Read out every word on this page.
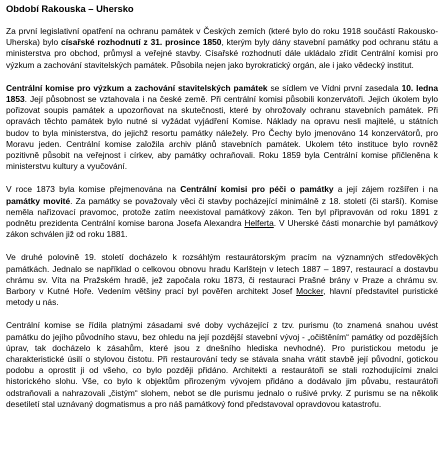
Období Rakouska – Uhersko

Za první legislativní opatření na ochranu památek v Českých zemích (které bylo do roku 1918 součástí Rakousko-Uherska) bylo císařské rozhodnutí z 31. prosince 1850, kterým byly dány stavební památky pod ochranu státu a ministerstva pro obchod, průmysl a veřejné stavby. Císařské rozhodnutí dále ukládalo zřídit Centrální komisi pro výzkum a zachování stavitelských památek. Působila nejen jako byrokratický orgán, ale i jako vědecký institut.

Centrální komise pro výzkum a zachování stavitelských památek se sídlem ve Vídni první zasedala 10. ledna 1853. Její působnost se vztahovala i na české země. Při centrální komisi působili konzervátoři. Jejich úkolem bylo pořizovat soupis památek a upozorňovat na skutečnosti, které by ohrožovaly ochranu stavebních památek. Při opravách těchto památek bylo nutné si vyžádat vyjádření Komise. Náklady na opravu nesli majitelé, u státních budov to byla ministerstva, do jejichž resortu památky náležely. Pro Čechy bylo jmenováno 14 konzervátorů, pro Moravu jeden. Centrální komise založila archiv plánů stavebních památek. Ukolem této instituce bylo rovněž pozitivně působit na veřejnost i církev, aby památky ochraňovali. Roku 1859 byla Centrální komise přičleněna k ministerstvu kultury a vyučování.

V roce 1873 byla komise přejmenována na Centrální komisi pro péči o památky a její zájem rozšířen i na památky movité. Za památky se považovaly věci či stavby pocházející minimálně z 18. století (či starší). Komise neměla nařizovací pravomoc, protože zatím neexistoval památkový zákon. Ten byl připravován od roku 1891 z podnětu prezidenta Centrální komise barona Josefa Alexandra Helferta. V Uherské části monarchie byl památkový zákon schválen již od roku 1881.

Ve druhé polovině 19. století docházelo k rozsáhlým restaurátorským pracím na významných středověkých památkách. Jednalo se například o celkovou obnovu hradu Karlštejn v letech 1887 – 1897, restaurací a dostavbu chrámu sv. Víta na Pražském hradě, jež započala roku 1873, či restauraci Prašné brány v Praze a chrámu sv. Barbory v Kutné Hoře. Vedením většiny prací byl pověřen architekt Josef Mocker, hlavní představitel puristické metody u nás.

Centrální komise se řídila platnými zásadami své doby vycházející z tzv. purismu (to znamená snahou uvést památku do jejího původního stavu, bez ohledu na její pozdější stavební vývoj - „očištěním“ památky od pozdějších úprav, tak docházelo k zásahům, které jsou z dnešního hlediska nevhodné). Pro puristickou metodu je charakteristické úsilí o stylovou čistotu. Při restaurování tedy se stávala snaha vrátit stavbě její původní, gotickou podobu a oprostit ji od všeho, co bylo později přidáno. Architekti a restaurátoři se stali rozhodujícími znalci historického slohu. Vše, co bylo k objektům přirozeným vývojem přidáno a dodávalo jim půvabu, restaurátoři odstraňovali a nahrazovali „čistým“ slohem, nebot se dle purismu jednalo o rušivé prvky. Z purismu se na několik desetiletí stal uznávaný dogmatismus a pro náš památkový fond představoval opravdovou katastrofu.
